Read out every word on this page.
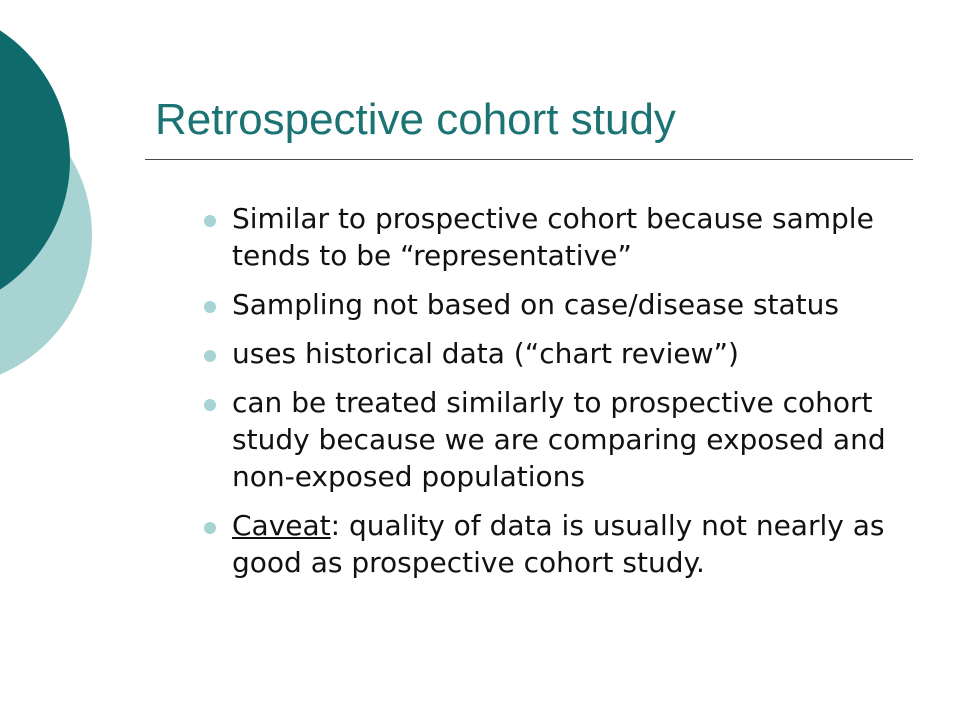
Retrospective cohort study
Similar to prospective cohort because sample tends to be “representative”
Sampling not based on case/disease status
uses historical data (“chart review”)
can be treated similarly to prospective cohort study because we are comparing exposed and non-exposed populations
Caveat: quality of data is usually not nearly as good as prospective cohort study.
